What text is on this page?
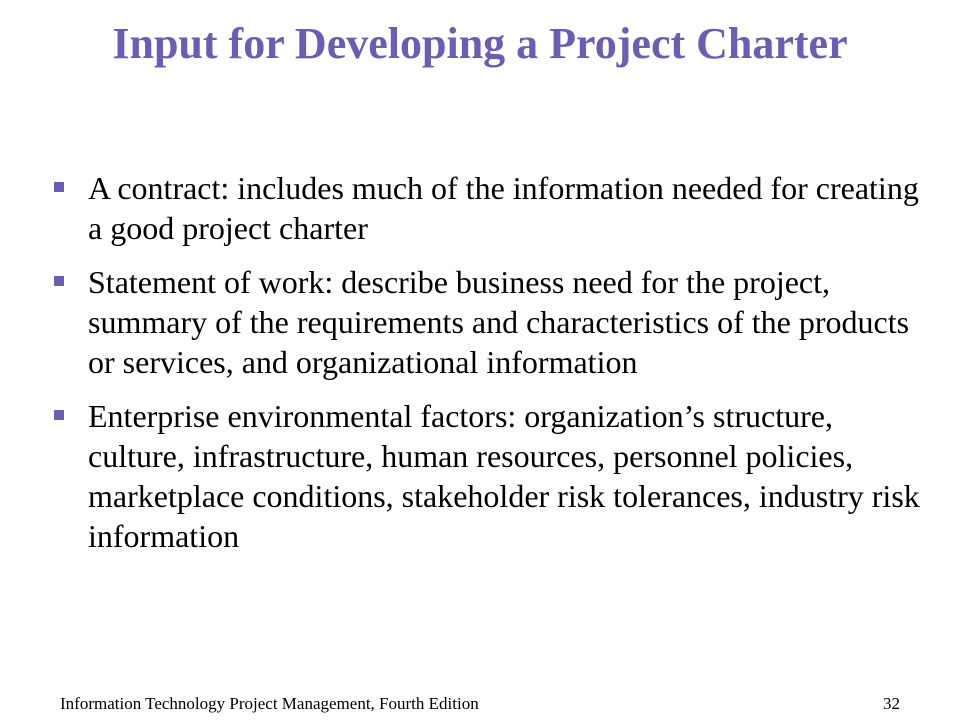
Input for Developing a Project Charter
A contract: includes much of the information needed for creating a good project charter
Statement of work: describe business need for the project, summary of the requirements and characteristics of the products or services, and organizational information
Enterprise environmental factors: organization’s structure, culture, infrastructure, human resources, personnel policies, marketplace conditions, stakeholder risk tolerances, industry risk information
Information Technology Project Management, Fourth Edition	32
